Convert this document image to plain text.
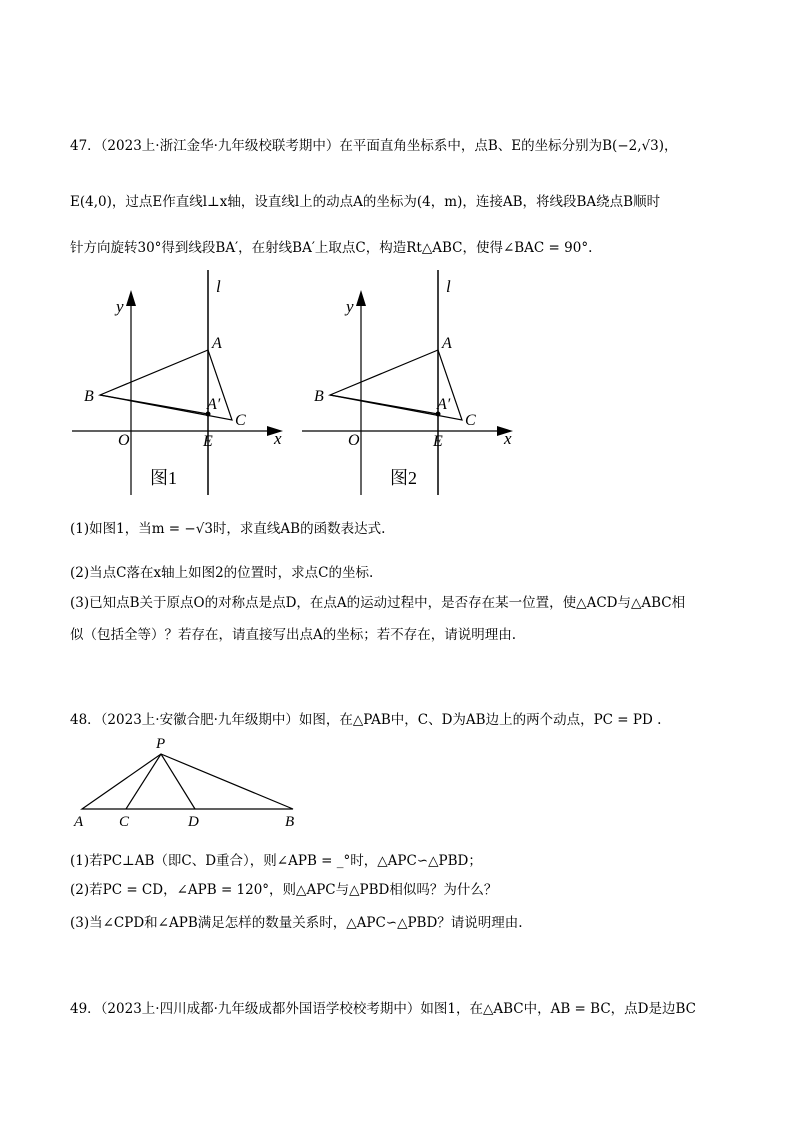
47．（2023上·浙江金华·九年级校联考期中）在平面直角坐标系中，点B、E的坐标分别为B(−2,√3)，
E(4,0)，过点E作直线l⊥x轴，设直线l上的动点A的坐标为(4，m)，连接AB，将线段BA绕点B顺时
针方向旋转30°得到线段BA′，在射线BA′上取点C，构造Rt△ABC，使得∠BAC = 90°.
y
x
l
A
B	A′
C
O	E
图1
y
x
l
A
B	A′
C
O	E
图2
(1)如图1，当m = −√3时，求直线AB的函数表达式.
(2)当点C落在x轴上如图2的位置时，求点C的坐标.
(3)已知点B关于原点O的对称点是点D，在点A的运动过程中，是否存在某一位置，使△ACD与△ABC相
似（包括全等）？若存在，请直接写出点A的坐标；若不存在，请说明理由.
48．（2023上·安徽合肥·九年级期中）如图，在△PAB中，C、D为AB边上的两个动点，PC = PD .
P
A C	D	B
(1)若PC⊥AB（即C、D重合），则∠APB = _°时，△APC∽△PBD；
(2)若PC = CD，∠APB = 120°，则△APC与△PBD相似吗？为什么？
(3)当∠CPD和∠APB满足怎样的数量关系时，△APC∽△PBD？请说明理由.
49．（2023上·四川成都·九年级成都外国语学校校考期中）如图1，在△ABC中，AB = BC，点D是边BC
